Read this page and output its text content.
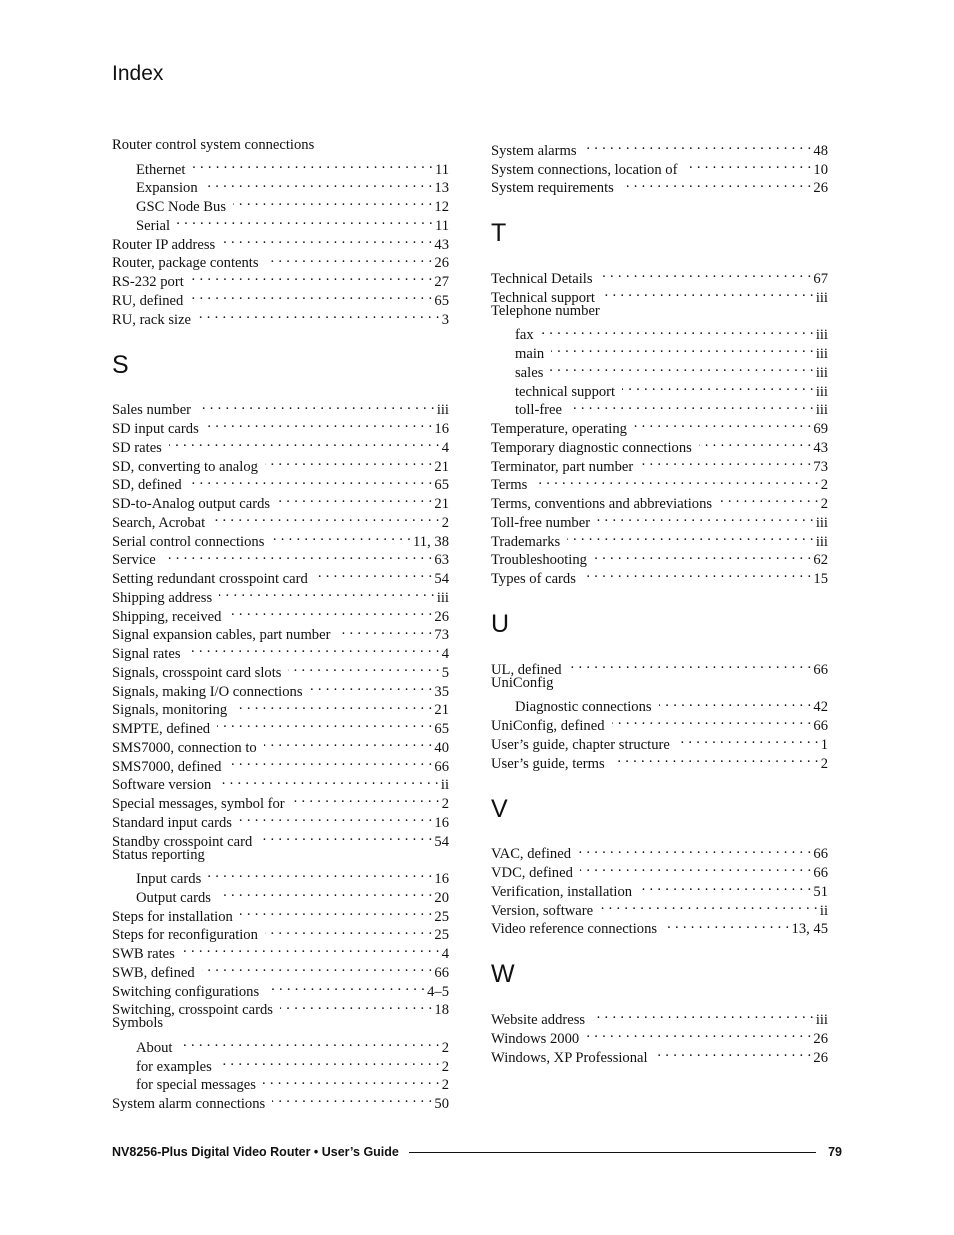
Index
Router control system connections
Ethernet . . .	11
Expansion . . .	13
GSC Node Bus . . .	12
Serial . . .	11
Router IP address . . .	43
Router, package contents . . .	26
RS-232 port . . .	27
RU, defined . . .	65
RU, rack size . . .	3
S
Sales number . . .	iii
SD input cards . . .	16
SD rates . . .	4
SD, converting to analog . . .	21
SD, defined . . .	65
SD-to-Analog output cards . . .	21
Search, Acrobat . . .	2
Serial control connections . . .	11, 38
Service . . .	63
Setting redundant crosspoint card . . .	54
Shipping address . . .	iii
Shipping, received . . .	26
Signal expansion cables, part number . . .	73
Signal rates . . .	4
Signals, crosspoint card slots . . .	5
Signals, making I/O connections . . .	35
Signals, monitoring . . .	21
SMPTE, defined . . .	65
SMS7000, connection to . . .	40
SMS7000, defined . . .	66
Software version . . .	ii
Special messages, symbol for . . .	2
Standard input cards . . .	16
Standby crosspoint card . . .	54
Status reporting
Input cards . . .	16
Output cards . . .	20
Steps for installation . . .	25
Steps for reconfiguration . . .	25
SWB rates . . .	4
SWB, defined . . .	66
Switching configurations . . .	4–5
Switching, crosspoint cards . . .	18
Symbols
About . . .	2
for examples . . .	2
for special messages . . .	2
System alarm connections . . .	50
System alarms . . .	48
System connections, location of . . .	10
System requirements . . .	26
T
Technical Details . . .	67
Technical support . . .	iii
Telephone number
fax . . .	iii
main . . .	iii
sales . . .	iii
technical support . . .	iii
toll-free . . .	iii
Temperature, operating . . .	69
Temporary diagnostic connections . . .	43
Terminator, part number . . .	73
Terms . . .	2
Terms, conventions and abbreviations . . .	2
Toll-free number . . .	iii
Trademarks . . .	iii
Troubleshooting . . .	62
Types of cards . . .	15
U
UL, defined . . .	66
UniConfig
Diagnostic connections . . .	42
UniConfig, defined . . .	66
User’s guide, chapter structure . . .	1
User’s guide, terms . . .	2
V
VAC, defined . . .	66
VDC, defined . . .	66
Verification, installation . . .	51
Version, software . . .	ii
Video reference connections . . .	13, 45
W
Website address . . .	iii
Windows 2000 . . .	26
Windows, XP Professional . . .	26
NV8256-Plus Digital Video Router • User’s Guide	79
